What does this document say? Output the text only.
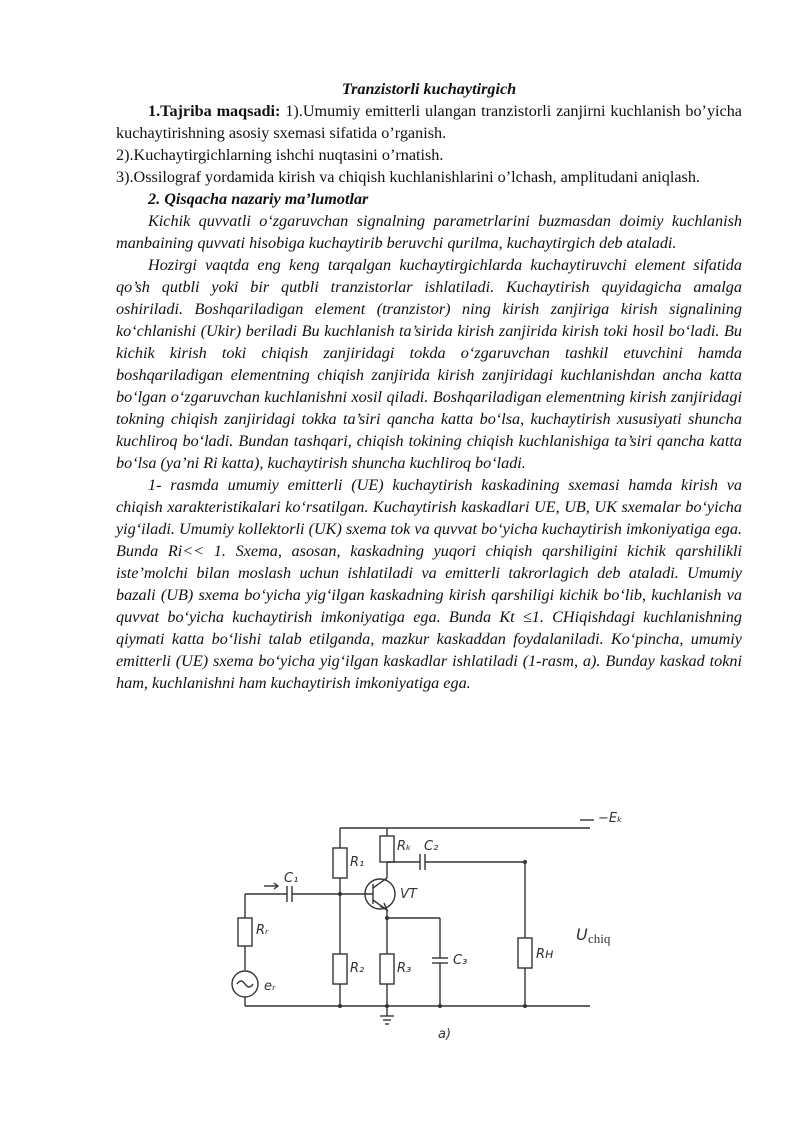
Tranzistorli kuchaytirgich

1.Tajriba maqsadi: 1).Umumiy emitterli ulangan tranzistorli zanjirni kuchlanish bo’yicha kuchaytirishning asosiy sxemasi sifatida o’rganish.

2).Kuchaytirgichlarning ishchi nuqtasini o’rnatish.

3).Ossilograf yordamida kirish va chiqish kuchlanishlarini o’lchash, amplitudani aniqlash.

2. Qisqacha nazariy ma’lumotlar

Kichik quvvatli o‘zgaruvchan signalning parametrlarini buzmasdan doimiy kuchlanish manbaining quvvati hisobiga kuchaytirib beruvchi qurilma, kuchaytirgich deb ataladi.

Hozirgi vaqtda eng keng tarqalgan kuchaytirgichlarda kuchaytiruvchi element sifatida qo’sh qutbli yoki bir qutbli tranzistorlar ishlatiladi. Kuchaytirish quyidagicha amalga oshiriladi. Boshqariladigan element (tranzistor) ning kirish zanjiriga kirish signalining ko‘chlanishi (Ukir) beriladi Bu kuchlanish ta’sirida kirish zanjirida kirish toki hosil bo‘ladi. Bu kichik kirish toki chiqish zanjiridagi tokda o‘zgaruvchan tashkil etuvchini hamda boshqariladigan elementning chiqish zanjirida kirish zanjiridagi kuchlanishdan ancha katta bo‘lgan o‘zgaruvchan kuchlanishni xosil qiladi. Boshqariladigan elementning kirish zanjiridagi tokning chiqish zanjiridagi tokka ta’siri qancha katta bo‘lsa, kuchaytirish xususiyati shuncha kuchliroq bo‘ladi. Bundan tashqari, chiqish tokining chiqish kuchlanishiga ta’siri qancha katta bo‘lsa (ya’ni Ri katta), kuchaytirish shuncha kuchliroq bo‘ladi.

1- rasmda umumiy emitterli (UE) kuchaytirish kaskadining sxemasi hamda kirish va chiqish xarakteristikalari ko‘rsatilgan. Kuchaytirish kaskadlari UE, UB, UK sxemalar bo‘yicha yig‘iladi. Umumiy kollektorli (UK) sxema tok va quvvat bo‘yicha kuchaytirish imkoniyatiga ega. Bunda Ri<< 1. Sxema, asosan, kaskadning yuqori chiqish qarshiligini kichik qarshilikli iste’molchi bilan moslash uchun ishlatiladi va emitterli takrorlagich deb ataladi. Umumiy bazali (UB) sxema bo‘yicha yig‘ilgan kaskadning kirish qarshiligi kichik bo‘lib, kuchlanish va quvvat bo‘yicha kuchaytirish imkoniyatiga ega. Bunda Kt ≤1. CHiqishdagi kuchlanishning qiymati katta bo‘lishi talab etilganda, mazkur kaskaddan foydalaniladi. Ko‘pincha, umumiy emitterli (UE) sxema bo‘yicha yig‘ilgan kaskadlar ishlatiladi (1-rasm, a). Bunday kaskad tokni ham, kuchlanishni ham kuchaytirish imkoniyatiga ega.

−Eₖ
R₁
Rₖ C₂
VT
C₁
Rᵣ
eᵣ
R₂	R₃
C₃	Rн
U chiq
a)
